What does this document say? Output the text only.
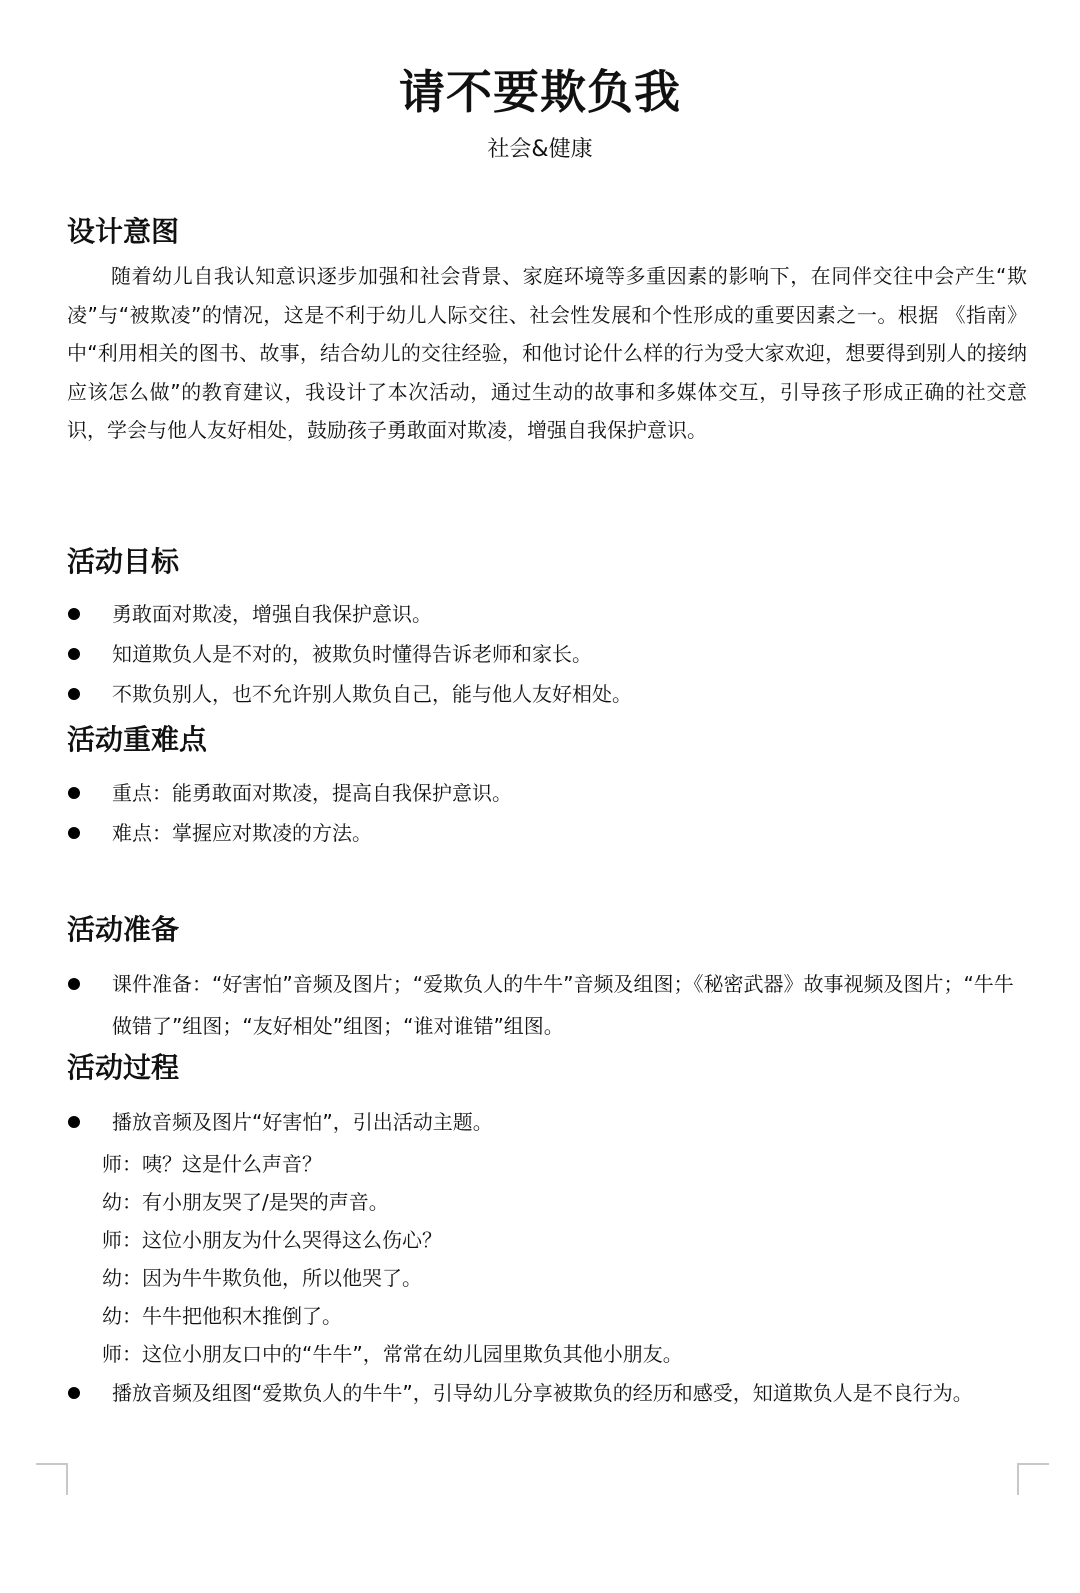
请不要欺负我
社会&健康
设计意图
随着幼儿自我认知意识逐步加强和社会背景、家庭环境等多重因素的影响下，在同伴交往中会产生“欺凌”与“被欺凌”的情况，这是不利于幼儿人际交往、社会性发展和个性形成的重要因素之一。根据 《指南》中“利用相关的图书、故事，结合幼儿的交往经验，和他讨论什么样的行为受大家欢迎，想要得到别人的接纳应该怎么做”的教育建议，我设计了本次活动，通过生动的故事和多媒体交互，引导孩子形成正确的社交意识，学会与他人友好相处，鼓励孩子勇敢面对欺凌，增强自我保护意识。
活动目标
勇敢面对欺凌，增强自我保护意识。
知道欺负人是不对的，被欺负时懂得告诉老师和家长。
不欺负别人，也不允许别人欺负自己，能与他人友好相处。
活动重难点
重点：能勇敢面对欺凌，提高自我保护意识。
难点：掌握应对欺凌的方法。
活动准备
课件准备：“好害怕”音频及图片；“爱欺负人的牛牛”音频及组图；《秘密武器》故事视频及图片；“牛牛做错了”组图；“友好相处”组图；“谁对谁错”组图。
活动过程
播放音频及图片“好害怕”，引出活动主题。
师：咦？这是什么声音？
幼：有小朋友哭了/是哭的声音。
师：这位小朋友为什么哭得这么伤心？
幼：因为牛牛欺负他，所以他哭了。
幼：牛牛把他积木推倒了。
师：这位小朋友口中的“牛牛”，常常在幼儿园里欺负其他小朋友。
播放音频及组图“爱欺负人的牛牛”，引导幼儿分享被欺负的经历和感受，知道欺负人是不良行为。
